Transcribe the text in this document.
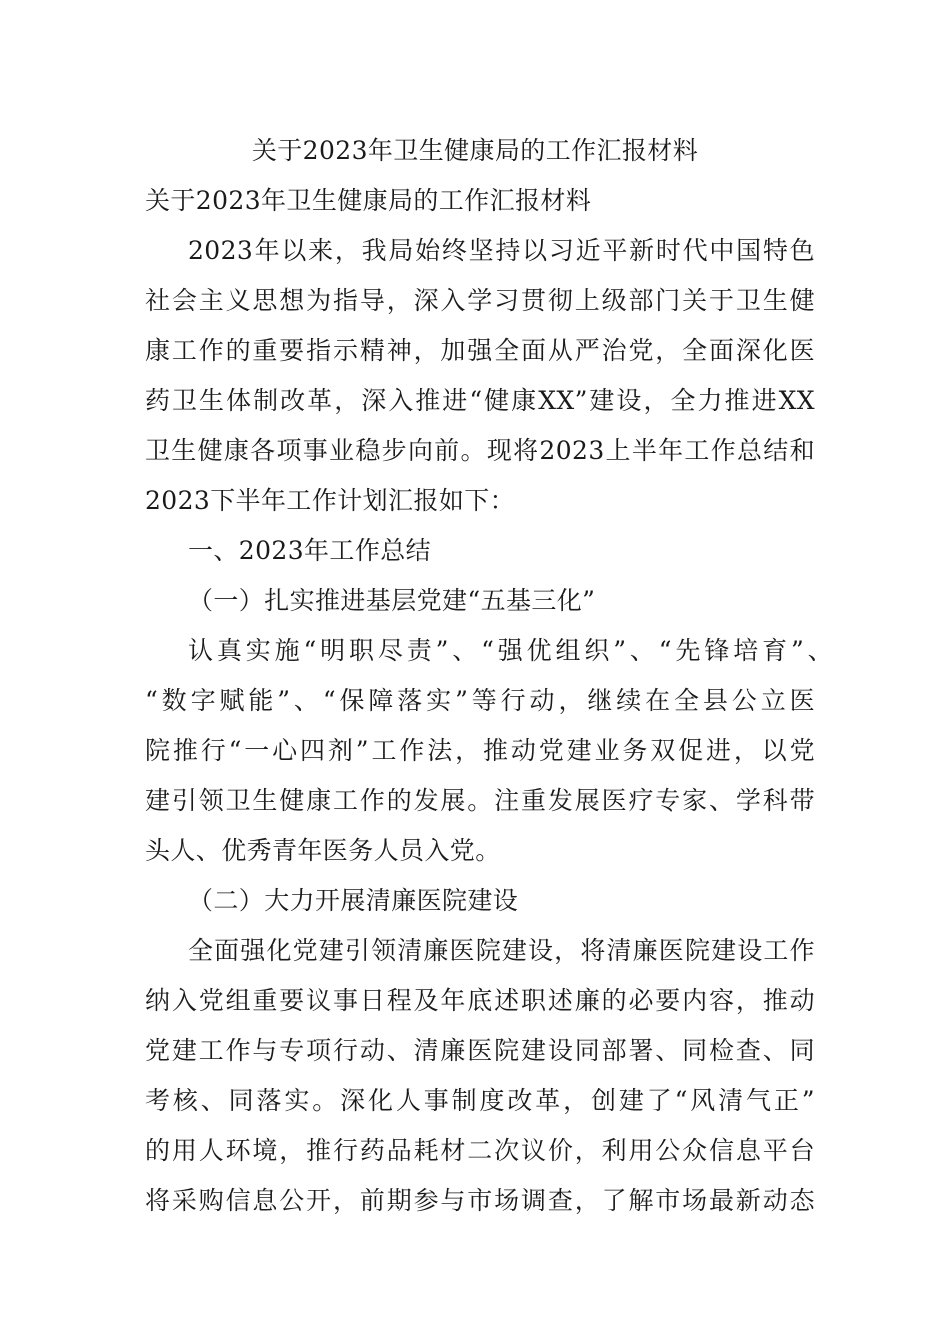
关于2023年卫生健康局的工作汇报材料
关于2023年卫生健康局的工作汇报材料
2023年以来，我局始终坚持以习近平新时代中国特色
社会主义思想为指导，深入学习贯彻上级部门关于卫生健
康工作的重要指示精神，加强全面从严治党，全面深化医
药卫生体制改革，深入推进“健康XX”建设，全力推进XX
卫生健康各项事业稳步向前。现将2023上半年工作总结和
2023下半年工作计划汇报如下：
一、2023年工作总结
（一）扎实推进基层党建“五基三化”
认真实施“明职尽责”、“强优组织”、“先锋培育”、
“数字赋能”、“保障落实”等行动，继续在全县公立医
院推行“一心四剂”工作法，推动党建业务双促进，以党
建引领卫生健康工作的发展。注重发展医疗专家、学科带
头人、优秀青年医务人员入党。
（二）大力开展清廉医院建设
全面强化党建引领清廉医院建设，将清廉医院建设工作
纳入党组重要议事日程及年底述职述廉的必要内容，推动
党建工作与专项行动、清廉医院建设同部署、同检查、同
考核、同落实。深化人事制度改革，创建了“风清气正”
的用人环境，推行药品耗材二次议价，利用公众信息平台
将采购信息公开，前期参与市场调查，了解市场最新动态
